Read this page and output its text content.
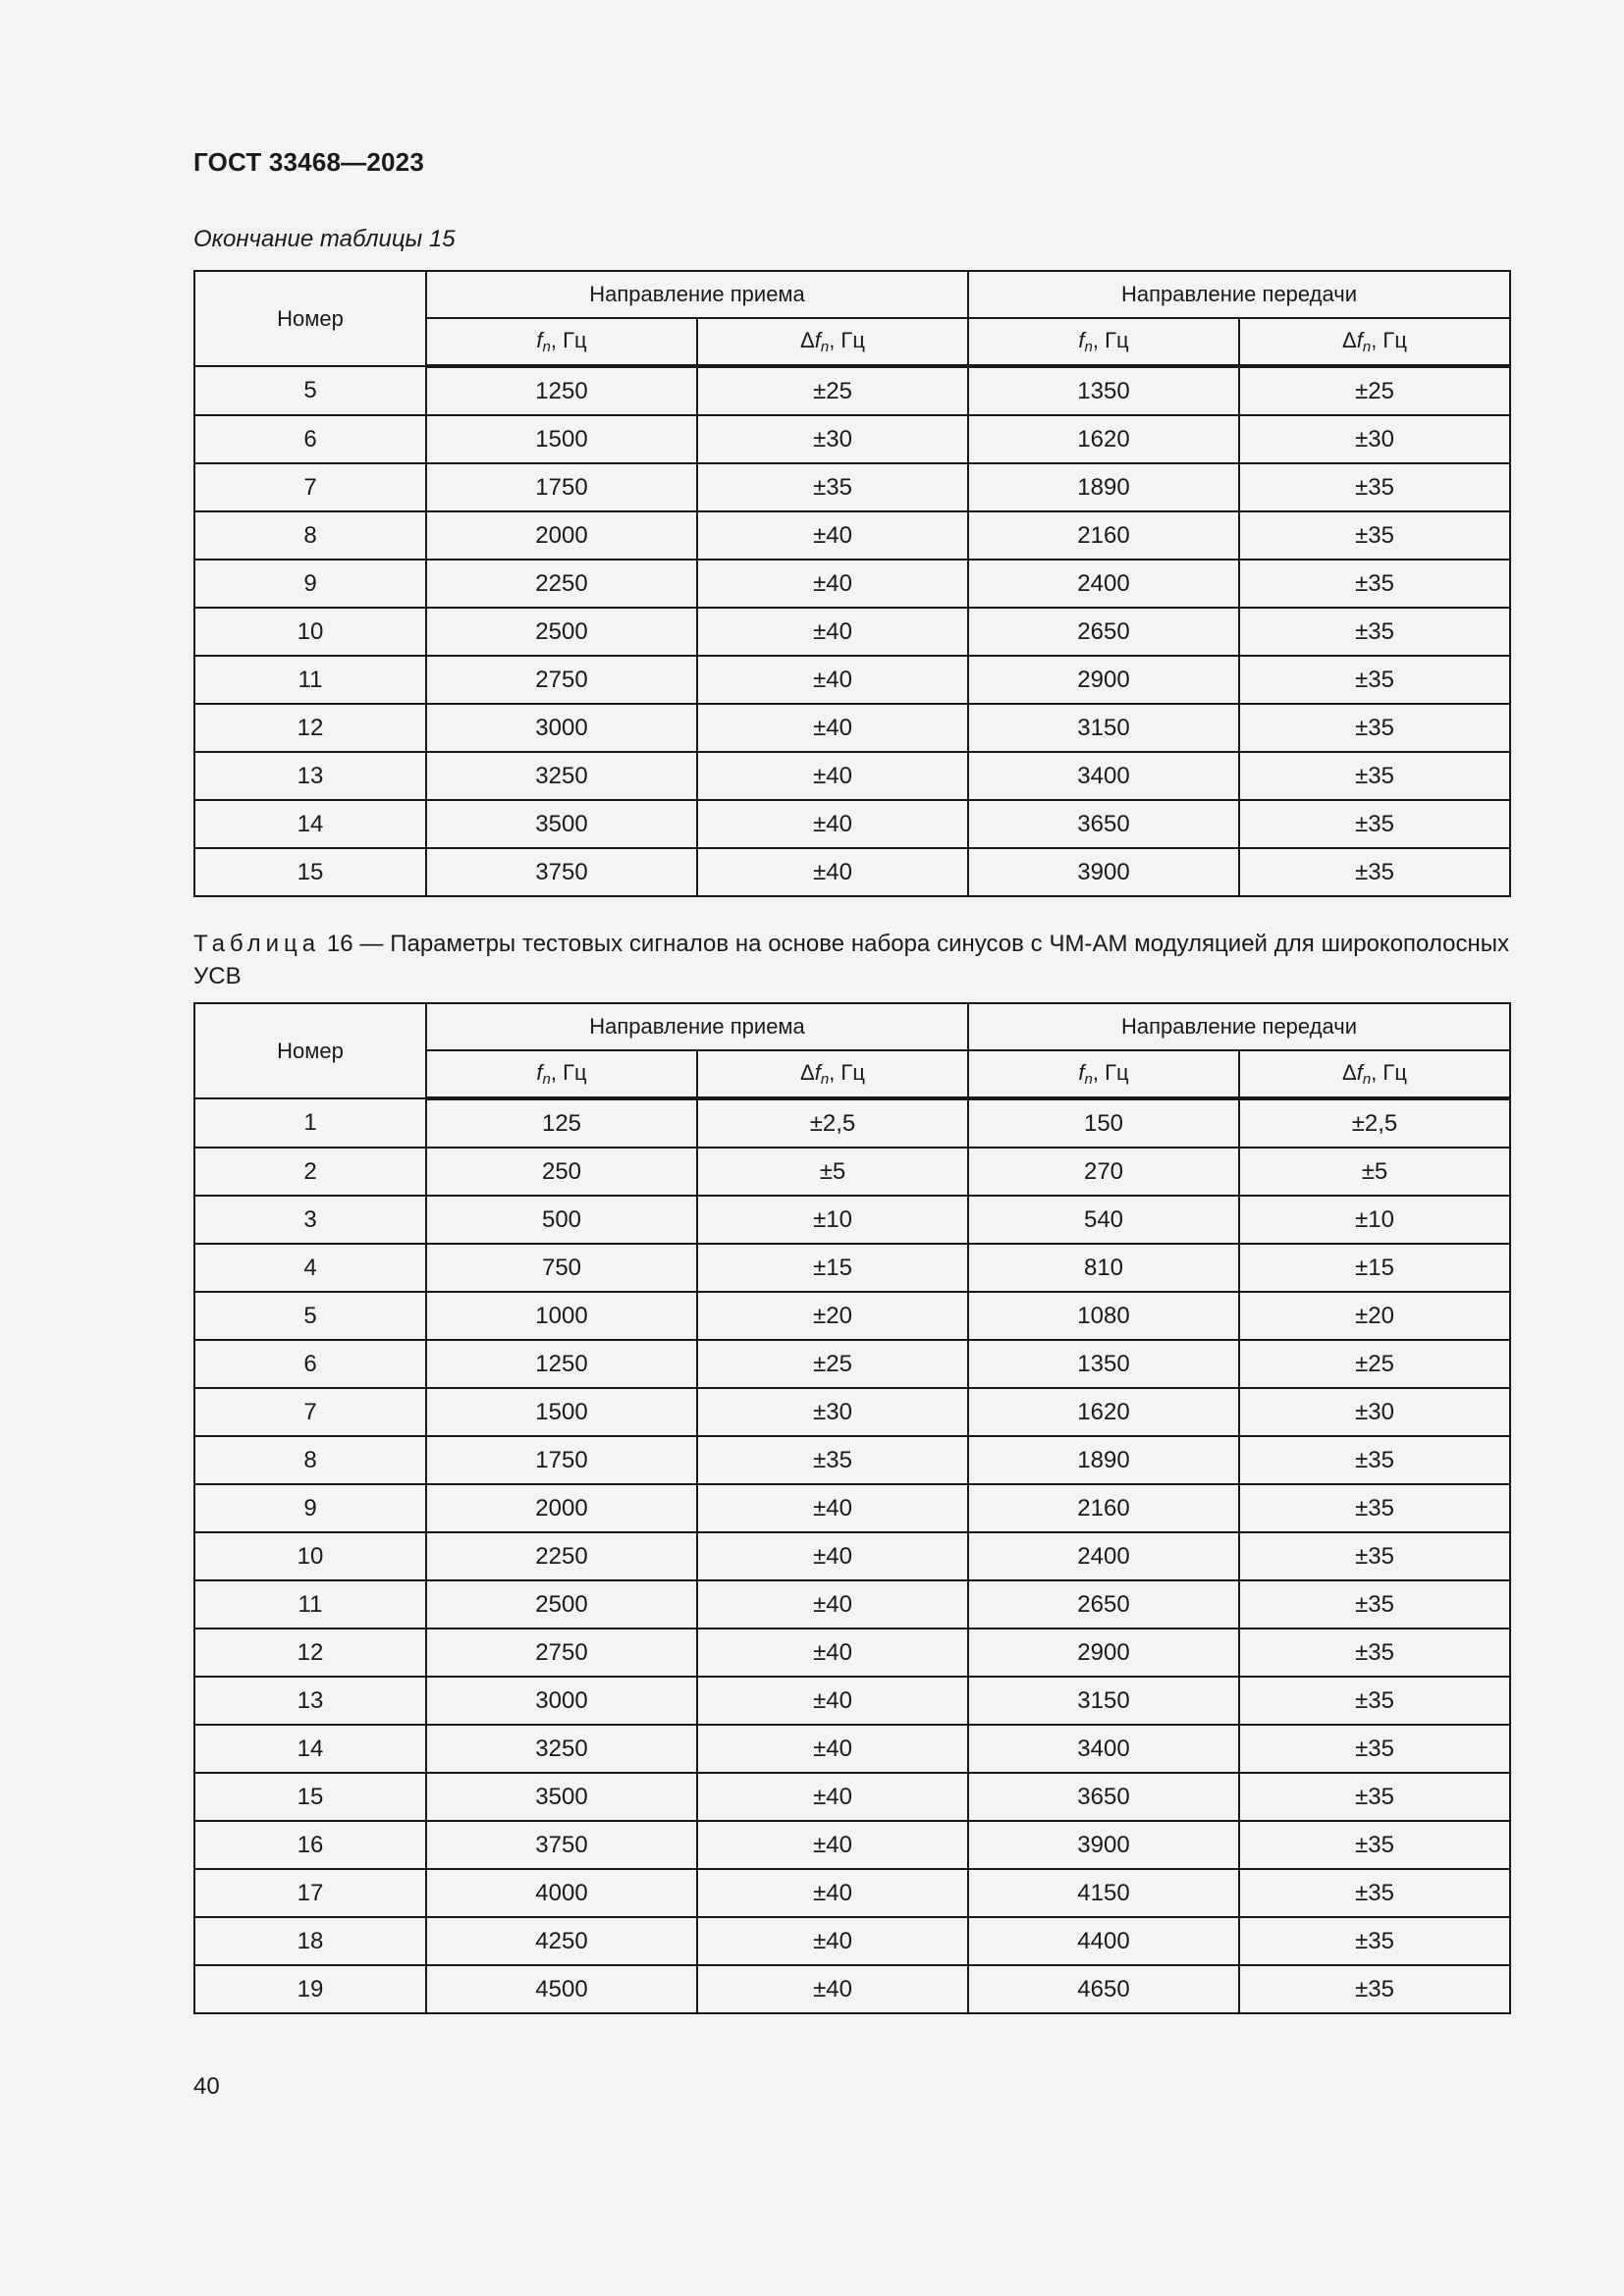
ГОСТ 33468—2023
Окончание таблицы 15
Номер	Направление приема		Направление передачи	
	$f_n$, Гц	$\Delta f_n$, Гц	$f_n$, Гц	$\Delta f_n$, Гц
5	1250	±25	1350	±25
6	1500	±30	1620	±30
7	1750	±35	1890	±35
8	2000	±40	2160	±35
9	2250	±40	2400	±35
10	2500	±40	2650	±35
11	2750	±40	2900	±35
12	3000	±40	3150	±35
13	3250	±40	3400	±35
14	3500	±40	3650	±35
15	3750	±40	3900	±35
Таблица 16 — Параметры тестовых сигналов на основе набора синусов с ЧМ-АМ модуляцией для широкополосных УСВ
Номер	Направление приема		Направление передачи	
	$f_n$, Гц	$\Delta f_n$, Гц	$f_n$, Гц	$\Delta f_n$, Гц
1	125	±2,5	150	±2,5
2	250	±5	270	±5
3	500	±10	540	±10
4	750	±15	810	±15
5	1000	±20	1080	±20
6	1250	±25	1350	±25
7	1500	±30	1620	±30
8	1750	±35	1890	±35
9	2000	±40	2160	±35
10	2250	±40	2400	±35
11	2500	±40	2650	±35
12	2750	±40	2900	±35
13	3000	±40	3150	±35
14	3250	±40	3400	±35
15	3500	±40	3650	±35
16	3750	±40	3900	±35
17	4000	±40	4150	±35
18	4250	±40	4400	±35
19	4500	±40	4650	±35
40
